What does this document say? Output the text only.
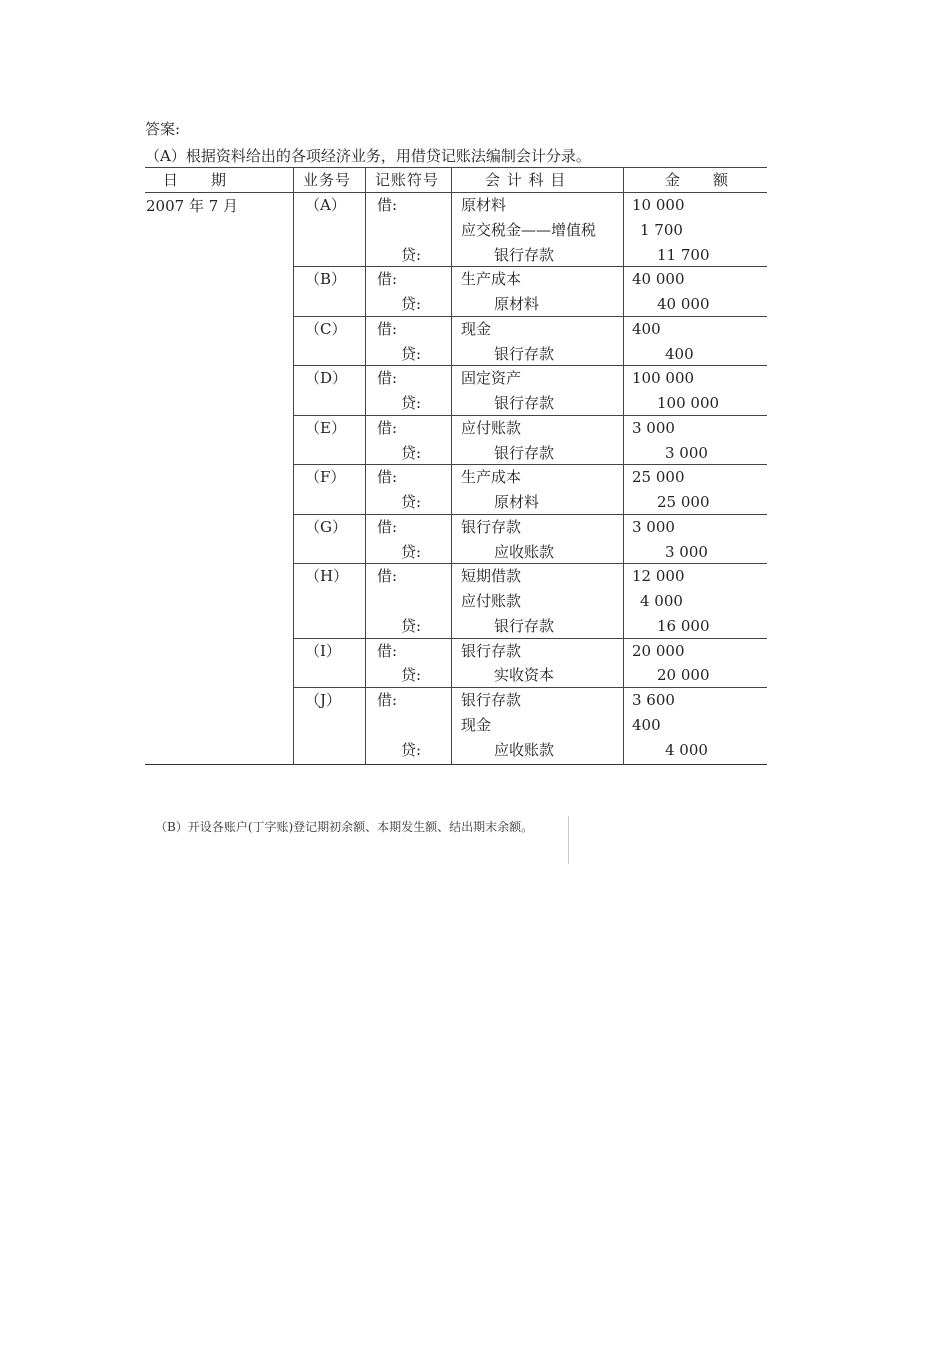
答案:
（A）根据资料给出的各项经济业务，用借贷记账法编制会计分录。
日　　期	业务号 记账符号	会 计 科 目	金　　额
2007 年 7 月	（A） 借:	原材料	10 000
应交税金——增值税	1 700
贷:	银行存款	11 700
（B） 借:	生产成本	40 000
贷:	原材料	40 000
（C） 借:	现金	400
贷:	银行存款	400
（D） 借:	固定资产	100 000
贷:	银行存款	100 000
（E） 借:	应付账款	3 000
贷:	银行存款	3 000
（F） 借:	生产成本	25 000
贷:	原材料	25 000
（G） 借:	银行存款	3 000
贷:	应收账款	3 000
（H） 借:	短期借款	12 000
应付账款	4 000
贷:	银行存款	16 000
（I） 借:	银行存款	20 000
贷:	实收资本	20 000
（J） 借:	银行存款	3 600
现金	400
贷:	应收账款	4 000
（B）开设各账户(丁字账)登记期初余额、本期发生额、结出期末余额。
